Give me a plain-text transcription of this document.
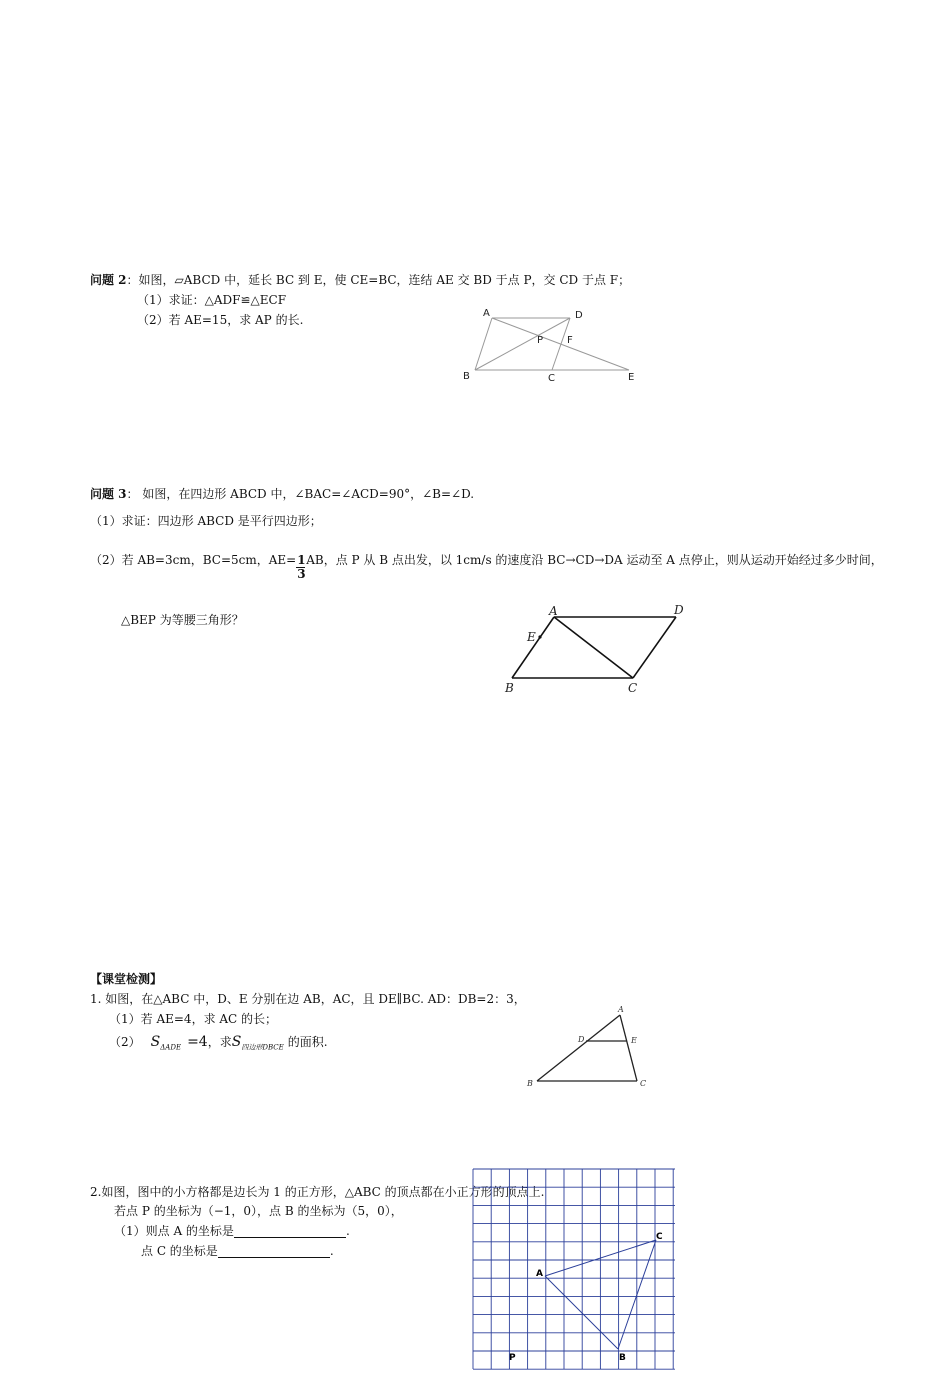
问题 2：如图，▱ABCD 中，延长 BC 到 E，使 CE=BC，连结 AE 交 BD 于点 P，交 CD 于点 F；
（1）求证：△ADF≌△ECF
（2）若 AE=15，求 AP 的长.	A	D
P F
B	C	E
问题 3： 如图，在四边形 ABCD 中，∠BAC=∠ACD=90°，∠B=∠D.
（1）求证：四边形 ABCD 是平行四边形；
（2）若 AB=3cm，BC=5cm，AE= 1
3
AB，点 P 从 B 点出发，以 1cm/s 的速度沿 BC→CD→DA 运动至 A 点停止，则从运动开始经过多少时间，
△BEP 为等腰三角形？
A	D
E
B	C
【课堂检测】
1. 如图，在△ABC 中，D、E 分别在边 AB，AC，且 DE∥BC. AD：DB=2：3，
（1）若 AE=4，求 AC 的长；
（2） $S_{\Delta ADE} =4$，求$S_{四边形DBCE}$ 的面积.
A
D	E
B	C
2.如图，图中的小方格都是边长为 1 的正方形，△ABC 的顶点都在小正方形的顶点上.
若点 P 的坐标为（−1，0），点 B 的坐标为（5，0），
（1）则点 A 的坐标是	.
点 C 的坐标是	.
A
C
P	B
